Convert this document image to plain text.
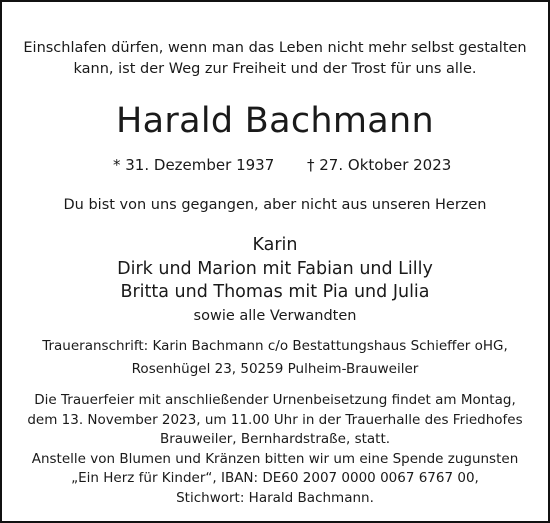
Einschlafen dürfen, wenn man das Leben nicht mehr selbst gestalten
kann, ist der Weg zur Freiheit und der Trost für uns alle.
Harald Bachmann
* 31. Dezember 1937 † 27. Oktober 2023
Du bist von uns gegangen, aber nicht aus unseren Herzen
Karin
Dirk und Marion mit Fabian und Lilly
Britta und Thomas mit Pia und Julia
sowie alle Verwandten
Traueranschrift: Karin Bachmann c/o Bestattungshaus Schieffer oHG,
Rosenhügel 23, 50259 Pulheim-Brauweiler
Die Trauerfeier mit anschließender Urnenbeisetzung findet am Montag,
dem 13. November 2023, um 11.00 Uhr in der Trauerhalle des Friedhofes
Brauweiler, Bernhardstraße, statt.
Anstelle von Blumen und Kränzen bitten wir um eine Spende zugunsten
„Ein Herz für Kinder“, IBAN: DE60 2007 0000 0067 6767 00,
Stichwort: Harald Bachmann.
